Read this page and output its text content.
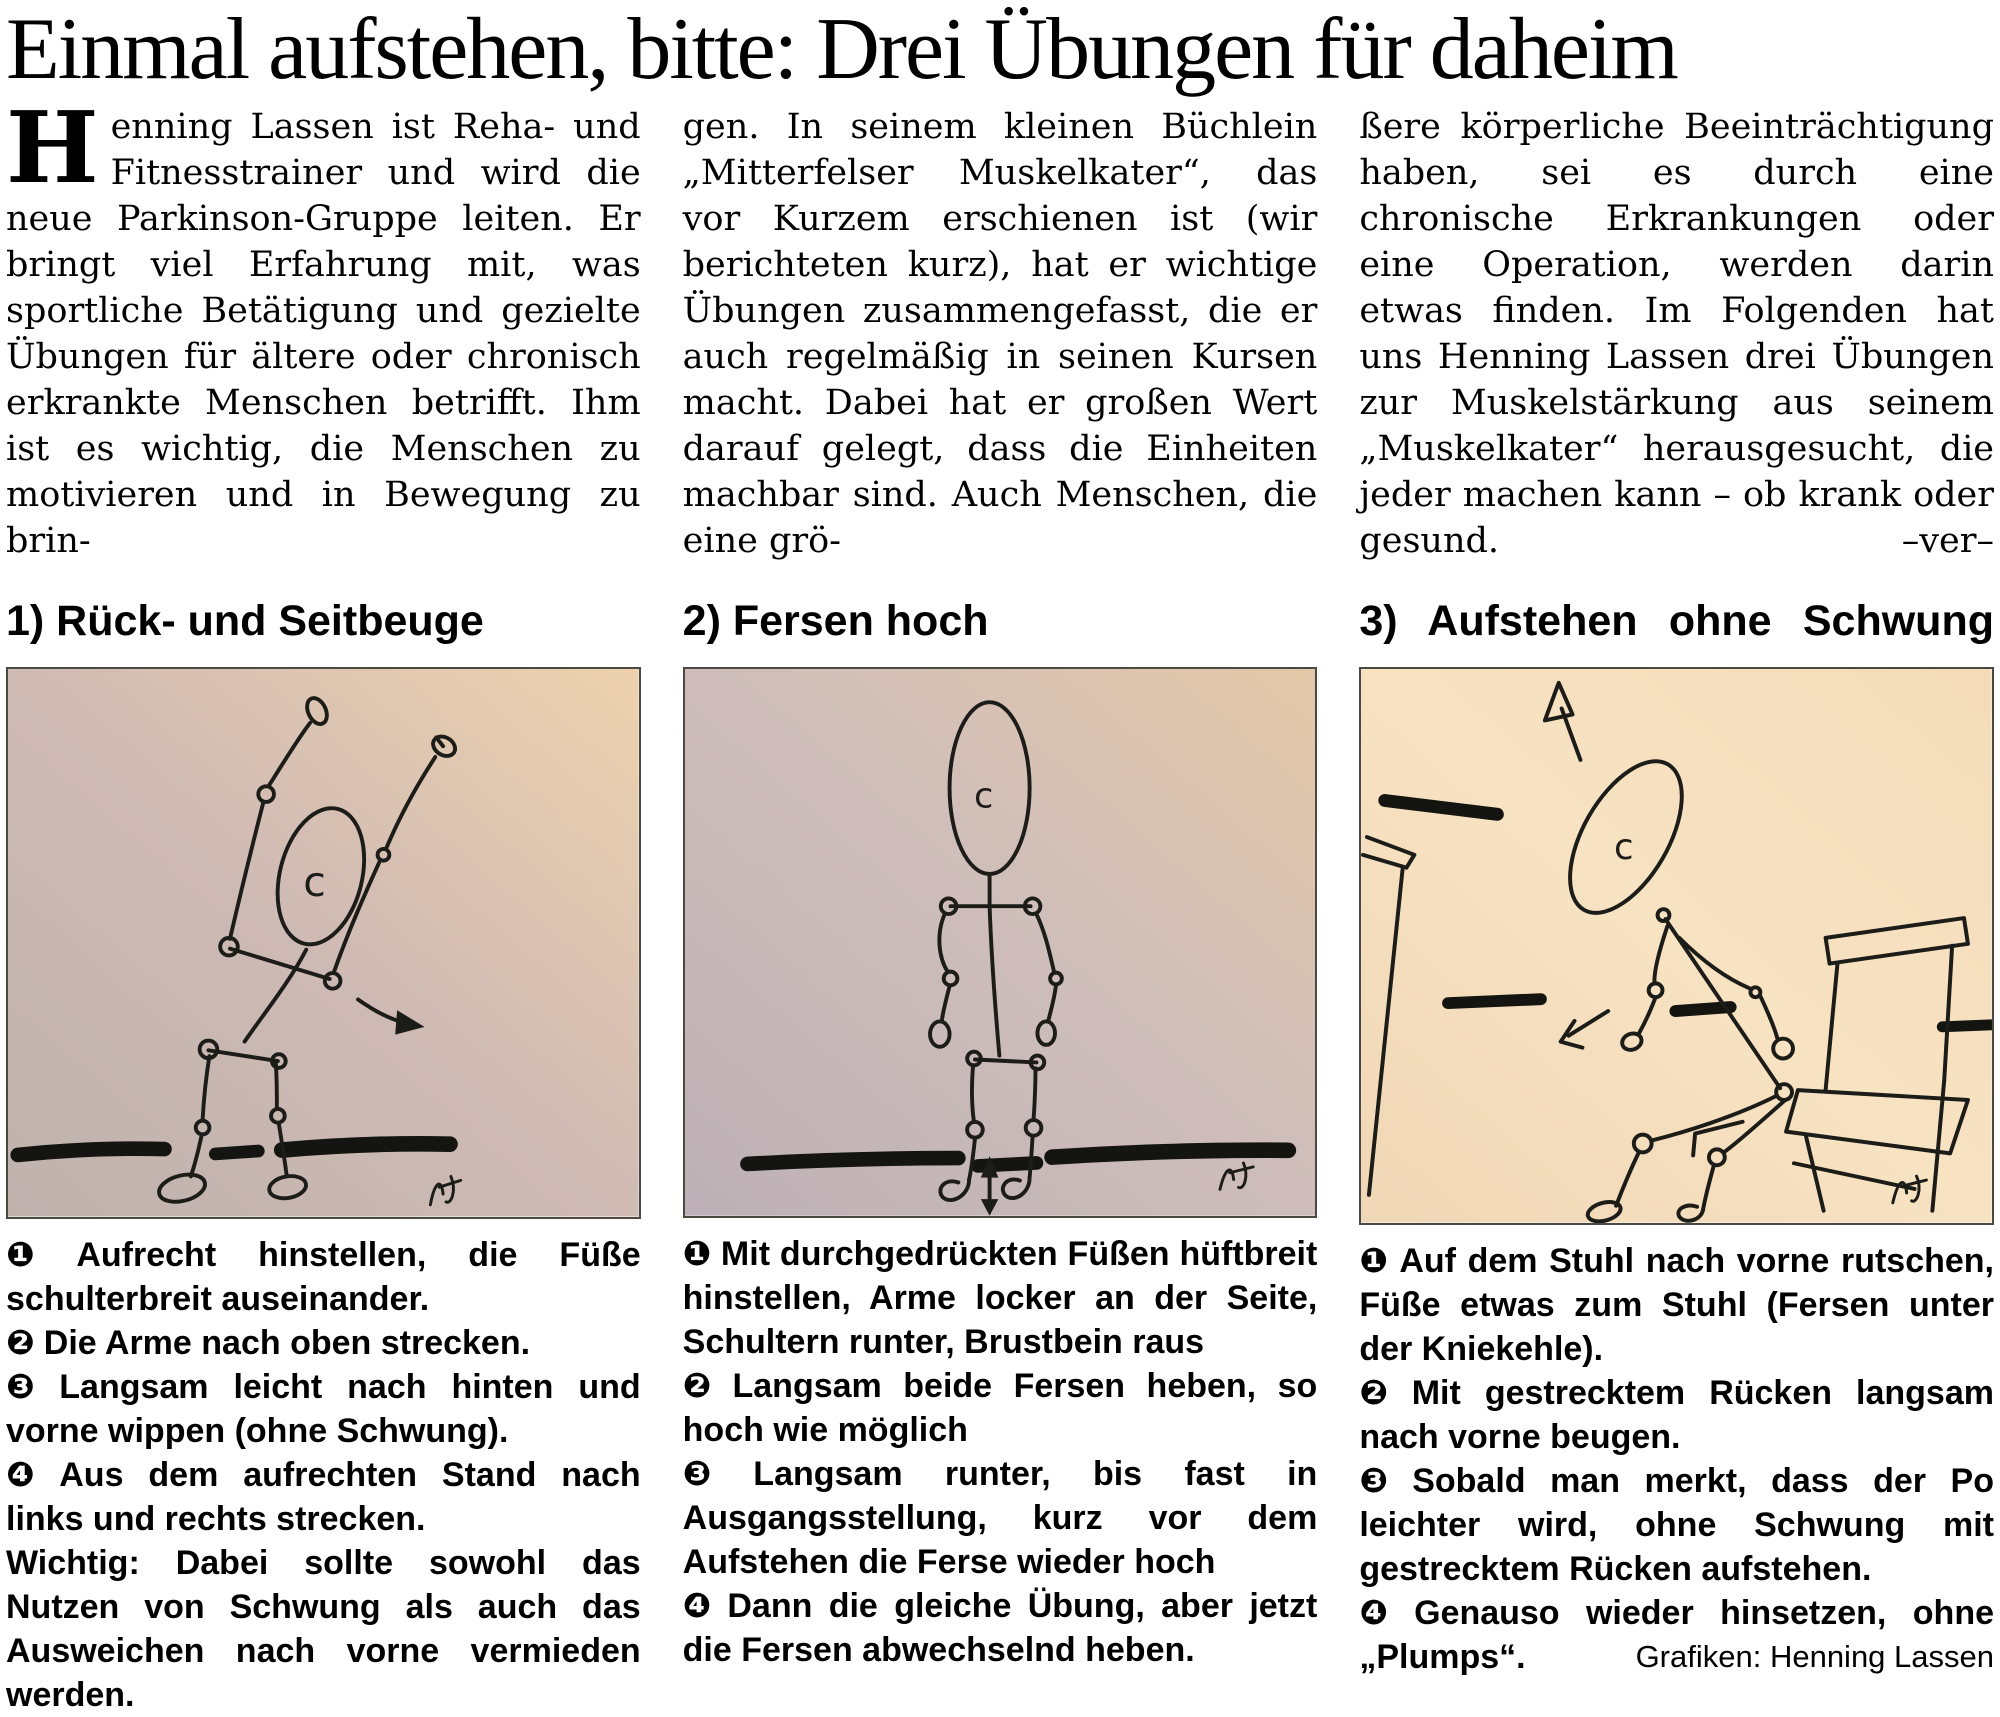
Einmal aufstehen, bitte: Drei Übungen für daheim

Henning Lassen ist Reha- und Fitnesstrainer und wird die neue Parkinson-Gruppe leiten. Er bringt viel Erfahrung mit, was sportliche Betätigung und gezielte Übungen für ältere oder chronisch erkrankte Menschen betrifft. Ihm ist es wichtig, die Menschen zu motivieren und in Bewegung zu brin-

gen. In seinem kleinen Büchlein „Mitterfelser Muskelkater“, das vor Kurzem erschienen ist (wir berichteten kurz), hat er wichtige Übungen zusammengefasst, die er auch regelmäßig in seinen Kursen macht. Dabei hat er großen Wert darauf gelegt, dass die Einheiten machbar sind. Auch Menschen, die eine grö-

ßere körperliche Beeinträchtigung haben, sei es durch eine chronische Erkrankungen oder eine Operation, werden darin etwas finden. Im Folgenden hat uns Henning Lassen drei Übungen zur Muskelstärkung aus seinem „Muskelkater“ herausgesucht, die jeder machen kann – ob krank oder gesund.	–ver–

1) Rück- und Seitbeuge
c

❶ Aufrecht hinstellen, die Füße schulterbreit auseinander.

❷ Die Arme nach oben strecken.

❸ Langsam leicht nach hinten und vorne wippen (ohne Schwung).

❹ Aus dem aufrechten Stand nach links und rechts strecken.

Wichtig: Dabei sollte sowohl das Nutzen von Schwung als auch das Ausweichen nach vorne vermieden werden.

2) Fersen hoch
c

❶ Mit durchgedrückten Füßen hüftbreit hinstellen, Arme locker an der Seite, Schultern runter, Brustbein raus

❷ Langsam beide Fersen heben, so hoch wie möglich

❸ Langsam runter, bis fast in Ausgangsstellung, kurz vor dem Aufstehen die Ferse wieder hoch

❹ Dann die gleiche Übung, aber jetzt die Fersen abwechselnd heben.

3) Aufstehen ohne Schwung
c

❶ Auf dem Stuhl nach vorne rutschen, Füße etwas zum Stuhl (Fersen unter der Kniekehle).

❷ Mit gestrecktem Rücken langsam nach vorne beugen.

❸ Sobald man merkt, dass der Po leichter wird, ohne Schwung mit gestrecktem Rücken aufstehen.

❹ Genauso wieder hinsetzen, ohne „Plumps“.	Grafiken: Henning Lassen
